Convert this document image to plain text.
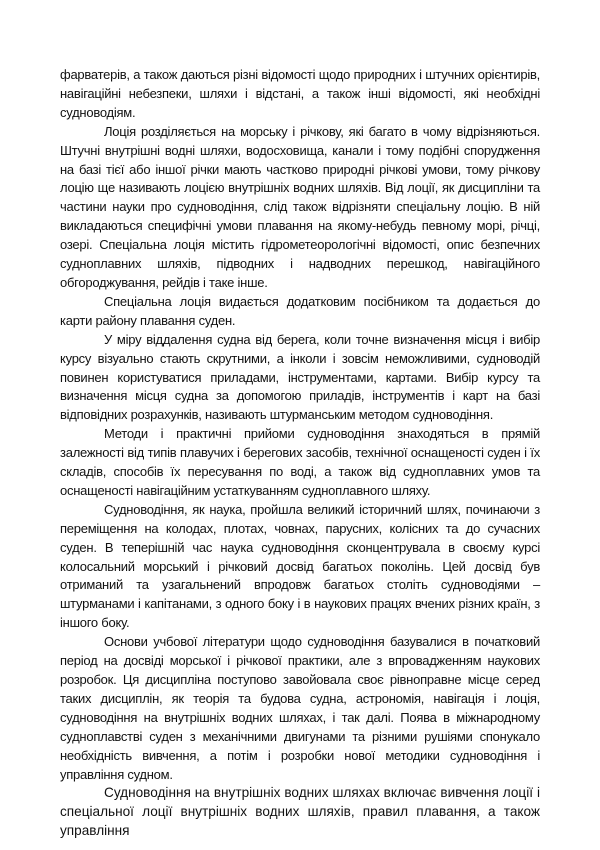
фарватерів, а також даються різні відомості щодо природних і штучних орієнтирів, навігаційні небезпеки, шляхи і відстані, а також інші відомості, які необхідні судноводіям.

Лоція розділяється на морську і річкову, які багато в чому відрізняються. Штучні внутрішні водні шляхи, водосховища, канали і тому подібні спорудження на базі тієї або іншої річки мають частково природні річкові умови, тому річкову лоцію ще називають лоцією внутрішніх водних шляхів. Від лоції, як дисципліни та частини науки про судноводіння, слід також відрізняти спеціальну лоцію. В ній викладаються специфічні умови плавання на якому-небудь певному морі, річці, озері. Спеціальна лоція містить гідрометеорологічні відомості, опис безпечних судноплавних шляхів, підводних і надводних перешкод, навігаційного обгороджування, рейдів і таке інше.

Спеціальна лоція видається додатковим посібником та додається до карти району плавання суден.

У міру віддалення судна від берега, коли точне визначення місця і вибір курсу візуально стають скрутними, а інколи і зовсім неможливими, судноводій повинен користуватися приладами, інструментами, картами. Вибір курсу та визначення місця судна за допомогою приладів, інструментів і карт на базі відповідних розрахунків, називають штурманським методом судноводіння.

Методи і практичні прийоми судноводіння знаходяться в прямій залежності від типів плавучих і берегових засобів, технічної оснащеності суден і їх складів, способів їх пересування по воді, а також від судноплавних умов та оснащеності навігаційним устаткуванням судноплавного шляху.

Судноводіння, як наука, пройшла великий історичний шлях, починаючи з переміщення на колодах, плотах, човнах, парусних, колісних та до сучасних суден. В теперішній час наука судноводіння сконцентрувала в своєму курсі колосальний морський і річковий досвід багатьох поколінь. Цей досвід був отриманий та узагальнений впродовж багатьох століть судноводіями – штурманами і капітанами, з одного боку і в наукових працях вчених різних країн, з іншого боку.

Основи учбової літератури щодо судноводіння базувалися в початковий період на досвіді морської і річкової практики, але з впровадженням наукових розробок. Ця дисципліна поступово завойовала своє рівноправне місце серед таких дисциплін, як теорія та будова судна, астрономія, навігація і лоція, судноводіння на внутрішніх водних шляхах, і так далі. Поява в міжнародному судноплавстві суден з механічними двигунами та різними рушіями спонукало необхідність вивчення, а потім і розробки нової методики судноводіння і управління судном.

Судноводіння на внутрішніх водних шляхах включає вивчення лоції і спеціальної лоції внутрішніх водних шляхів, правил плавання, а також управління
